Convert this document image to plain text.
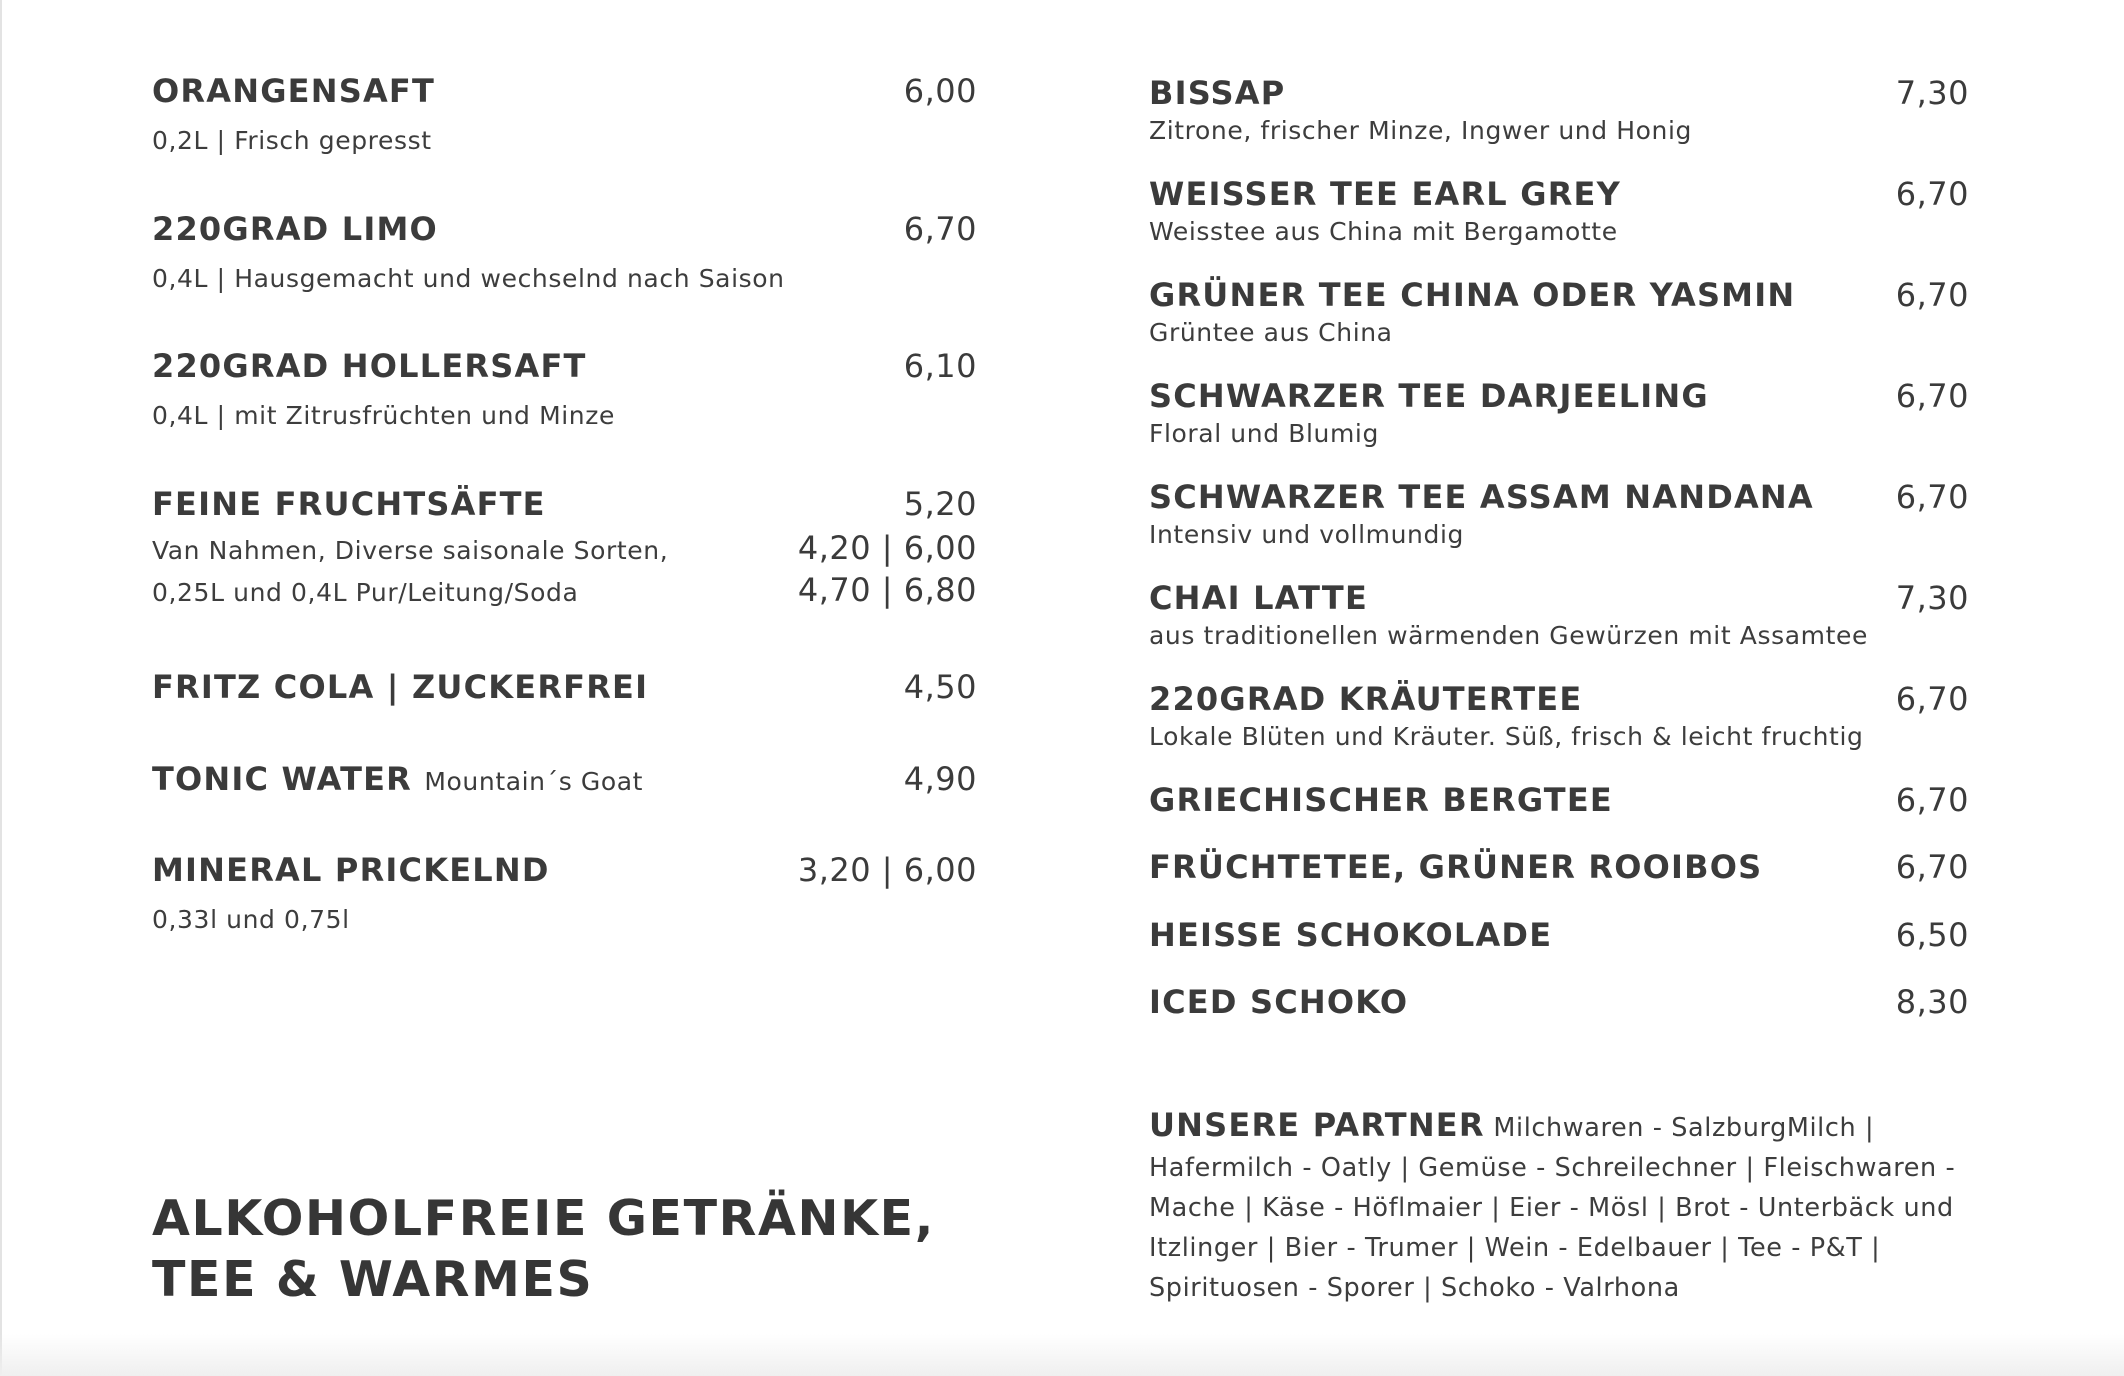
ORANGENSAFT	6,00
0,2L | Frisch gepresst
220GRAD LIMO	6,70
0,4L | Hausgemacht und wechselnd nach Saison
220GRAD HOLLERSAFT	6,10
0,4L | mit Zitrusfrüchten und Minze
FEINE FRUCHTSÄFTE	5,20
Van Nahmen, Diverse saisonale Sorten,	4,20 | 6,00
0,25L und 0,4L Pur/Leitung/Soda	4,70 | 6,80
FRITZ COLA | ZUCKERFREI	4,50
TONIC WATER Mountain´s Goat	4,90
MINERAL PRICKELND	3,20 | 6,00
0,33l und 0,75l
BISSAP	7,30
Zitrone, frischer Minze, Ingwer und Honig
WEISSER TEE EARL GREY	6,70
Weisstee aus China mit Bergamotte
GRÜNER TEE CHINA ODER YASMIN	6,70
Grüntee aus China
SCHWARZER TEE DARJEELING	6,70
Floral und Blumig
SCHWARZER TEE ASSAM NANDANA	6,70
Intensiv und vollmundig
CHAI LATTE	7,30
aus traditionellen wärmenden Gewürzen mit Assamtee
220GRAD KRÄUTERTEE	6,70
Lokale Blüten und Kräuter. Süß, frisch & leicht fruchtig
GRIECHISCHER BERGTEE	6,70
FRÜCHTETEE, GRÜNER ROOIBOS	6,70
HEISSE SCHOKOLADE	6,50
ICED SCHOKO	8,30
ALKOHOLFREIE GETRÄNKE,
TEE & WARMES
UNSERE PARTNER Milchwaren - SalzburgMilch | Hafermilch - Oatly | Gemüse - Schreilechner | Fleischwaren - Mache | Käse - Höflmaier | Eier - Mösl | Brot - Unterbäck und Itzlinger | Bier - Trumer | Wein - Edelbauer | Tee - P&T | Spirituosen - Sporer | Schoko - Valrhona
